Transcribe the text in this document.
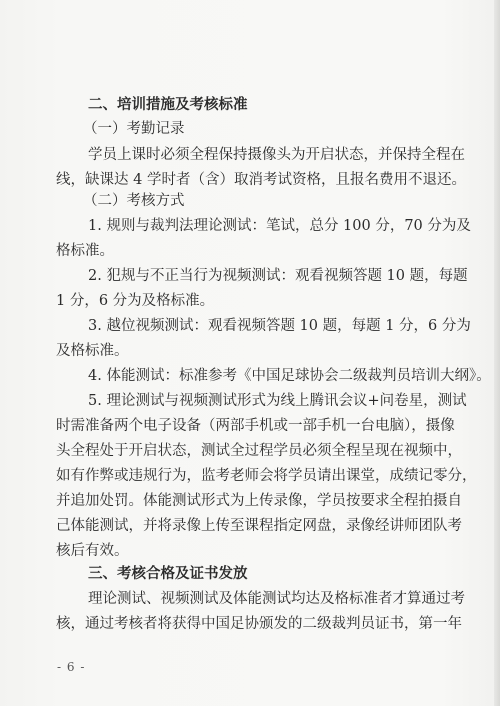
二、培训措施及考核标准
（一）考勤记录
学员上课时必须全程保持摄像头为开启状态，并保持全程在
线，缺课达 4 学时者（含）取消考试资格，且报名费用不退还。
（二）考核方式
1. 规则与裁判法理论测试：笔试，总分 100 分，70 分为及
格标准。
2. 犯规与不正当行为视频测试：观看视频答题 10 题，每题
1 分，6 分为及格标准。
3. 越位视频测试：观看视频答题 10 题，每题 1 分，6 分为
及格标准。
4. 体能测试：标准参考《中国足球协会二级裁判员培训大纲》。
5. 理论测试与视频测试形式为线上腾讯会议+问卷星，测试
时需准备两个电子设备（两部手机或一部手机一台电脑），摄像
头全程处于开启状态，测试全过程学员必须全程呈现在视频中，
如有作弊或违规行为，监考老师会将学员请出课堂，成绩记零分，
并追加处罚。体能测试形式为上传录像，学员按要求全程拍摄自
己体能测试，并将录像上传至课程指定网盘，录像经讲师团队考
核后有效。
三、考核合格及证书发放
理论测试、视频测试及体能测试均达及格标准者才算通过考
核，通过考核者将获得中国足协颁发的二级裁判员证书，第一年
- 6 -
